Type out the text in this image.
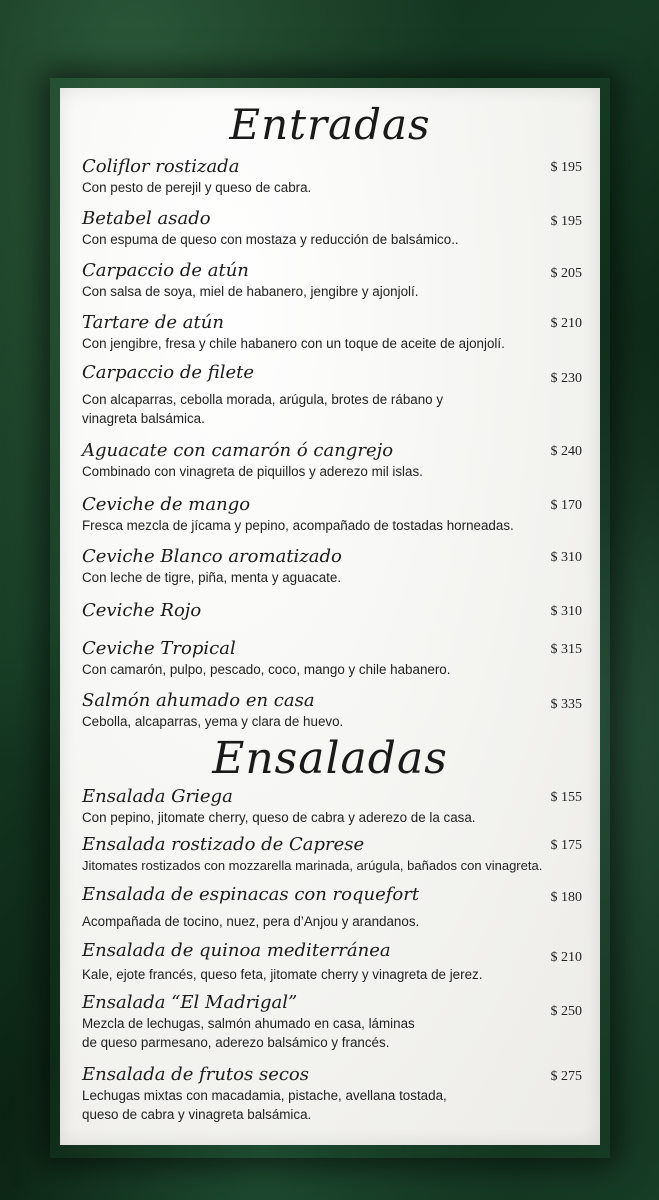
Entradas
Coliflor rostizada
Con pesto de perejil y queso de cabra.
$ 195
Betabel asado
Con espuma de queso con mostaza y reducción de balsámico..
$ 195
Carpaccio de atún
Con salsa de soya, miel de habanero, jengibre y ajonjolí.
$ 205
Tartare de atún
Con jengibre, fresa y chile habanero con un toque de aceite de ajonjolí.
$ 210
Carpaccio de filete
Con alcaparras, cebolla morada, arúgula, brotes de rábano y
vinagreta balsámica.
$ 230
Aguacate con camarón ó cangrejo
Combinado con vinagreta de piquillos y aderezo mil islas.
$ 240
Ceviche de mango
Fresca mezcla de jícama y pepino, acompañado de tostadas horneadas.
$ 170
Ceviche Blanco aromatizado
Con leche de tigre, piña, menta y aguacate.
$ 310
Ceviche Rojo	$ 310
Ceviche Tropical
Con camarón, pulpo, pescado, coco, mango y chile habanero.
$ 315
Salmón ahumado en casa
Cebolla, alcaparras, yema y clara de huevo.
$ 335
Ensaladas
Ensalada Griega
Con pepino, jitomate cherry, queso de cabra y aderezo de la casa.
$ 155
Ensalada rostizado de Caprese
Jitomates rostizados con mozzarella marinada, arúgula, bañados con vinagreta.
$ 175
Ensalada de espinacas con roquefort
Acompañada de tocino, nuez, pera d’Anjou y arandanos.
$ 180
Ensalada de quinoa mediterránea
Kale, ejote francés, queso feta, jitomate cherry y vinagreta de jerez.
$ 210
Ensalada “El Madrigal”
Mezcla de lechugas, salmón ahumado en casa, láminas
de queso parmesano, aderezo balsámico y francés.
$ 250
Ensalada de frutos secos
Lechugas mixtas con macadamia, pistache, avellana tostada,
queso de cabra y vinagreta balsámica.
$ 275
